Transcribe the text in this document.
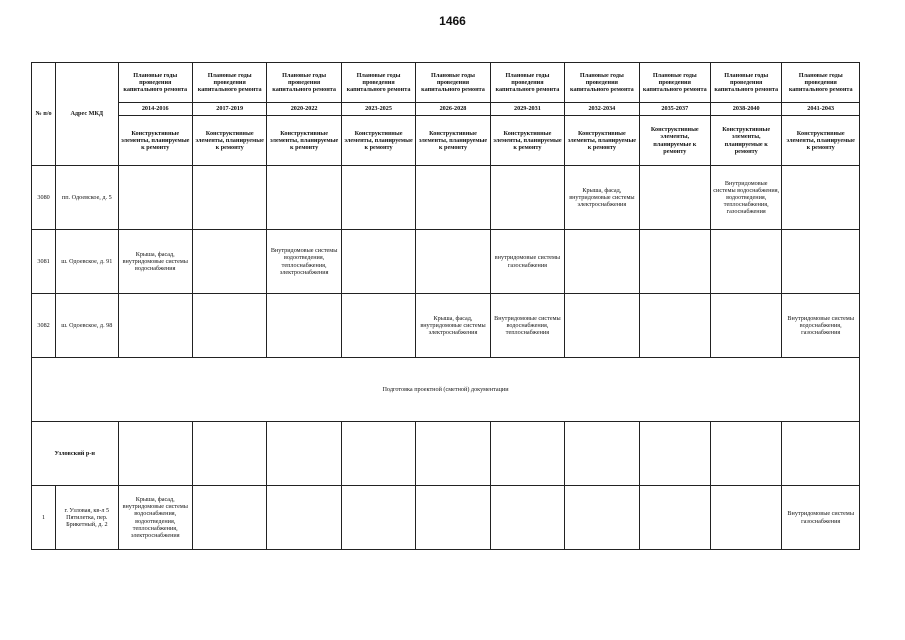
1466
№ п/о	Адрес МКД	Плановые годы проведения капитального ремонта	Плановые годы проведения капитального ремонта	Плановые годы проведения капитального ремонта	Плановые годы проведения капитального ремонта	Плановые годы проведения капитального ремонта	Плановые годы проведения капитального ремонта	Плановые годы проведения капитального ремонта	Плановые годы проведения капитального ремонта	Плановые годы проведения капитального ремонта	Плановые годы проведения капитального ремонта
		2014-2016	2017-2019	2020-2022	2023-2025	2026-2028	2029-2031	2032-2034	2035-2037	2038-2040	2041-2043
		Конструктивные элементы, планируемые к ремонту	Конструктивные элементы, планируемые к ремонту	Конструктивные элементы, планируемые к ремонту	Конструктивные элементы, планируемые к ремонту	Конструктивные элементы, планируемые к ремонту	Конструктивные элементы, планируемые к ремонту	Конструктивные элементы, планируемые к ремонту	Конструктивные элементы, планируемые к ремонту	Конструктивные элементы, планируемые к ремонту	Конструктивные элементы, планируемые к ремонту
3080	пп. Одоевское, д. 5							Крыша, фасад, внутридомовые системы электроснабжения		Внутридомовые системы водоснабжения, водоотведения, теплоснабжения, газоснабжения	
3081	ш. Одоевское, д. 91	Крыша, фасад, внутридомовые системы водоснабжения		Внутридомовые системы водоотведения, теплоснабжения, электроснабжения			внутридомовые системы газоснабжения				
3082	ш. Одоевское, д. 98					Крыша, фасад, внутридомовые системы электроснабжения	Внутридомовые системы водоснабжения, теплоснабжения				Внутридомовые системы водоснабжения, газоснабжения
Подготовка проектной (сметной) документации											
Узловский р-н											
1	г. Узловая, кв-л 5 Пятилетка, пер. Брикетный, д. 2	Крыша, фасад, внутридомовые системы водоснабжения, водоотведения, теплоснабжения, электроснабжения									Внутридомовые системы газоснабжения
